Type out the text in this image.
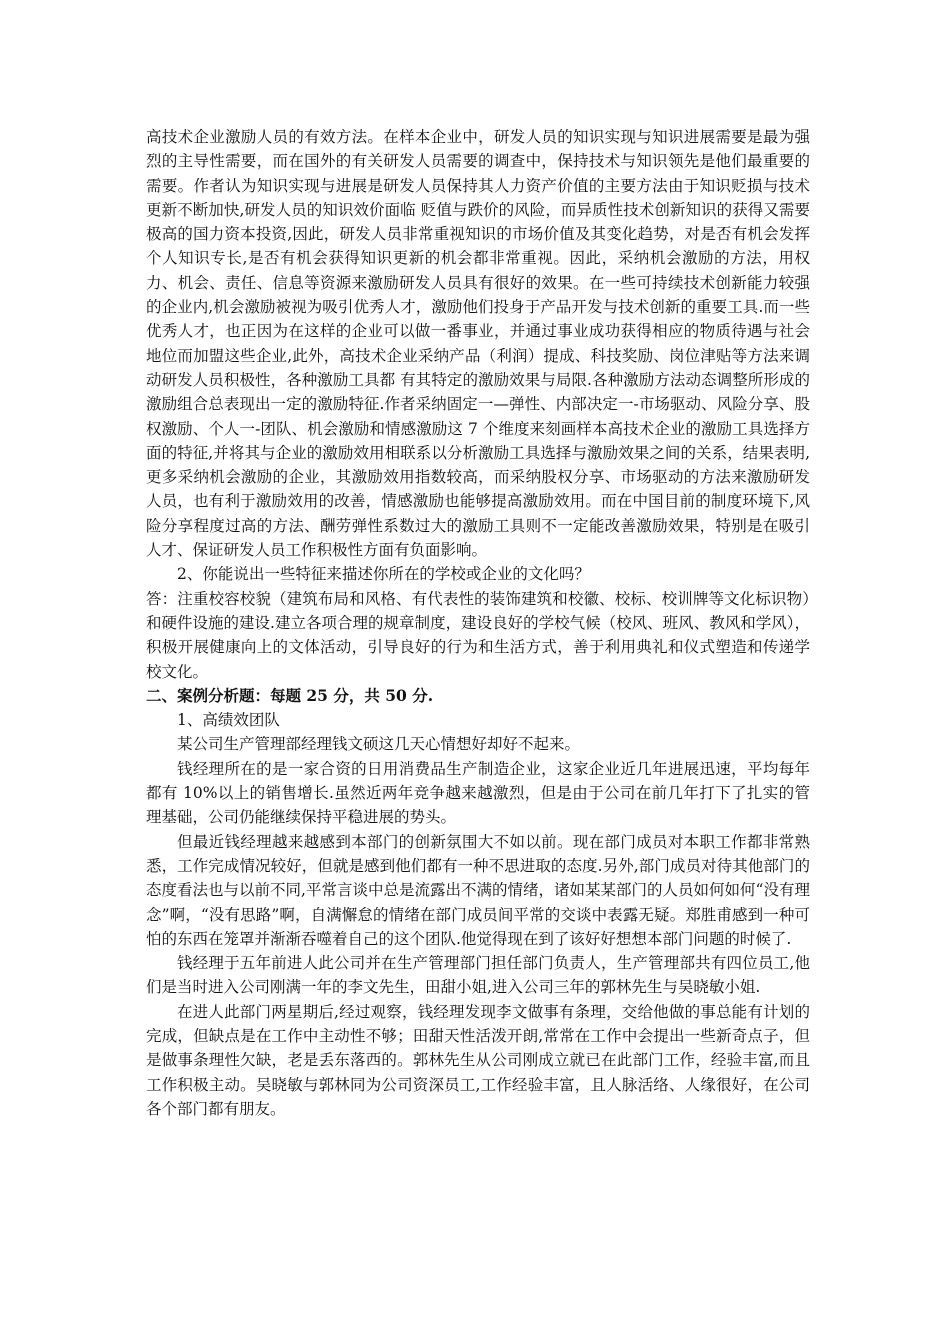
高技术企业激励人员的有效方法。在样本企业中，研发人员的知识实现与知识进展需要是最为强烈的主导性需要，而在国外的有关研发人员需要的调查中，保持技术与知识领先是他们最重要的需要。作者认为知识实现与进展是研发人员保持其人力资产价值的主要方法由于知识贬损与技术更新不断加快,研发人员的知识效价面临 贬值与跌价的风险，而异质性技术创新知识的获得又需要极高的国力资本投资,因此，研发人员非常重视知识的市场价值及其变化趋势，对是否有机会发挥个人知识专长,是否有机会获得知识更新的机会都非常重视。因此，采纳机会激励的方法，用权力、机会、责任、信息等资源来激励研发人员具有很好的效果。在一些可持续技术创新能力较强的企业内,机会激励被视为吸引优秀人才，激励他们投身于产品开发与技术创新的重要工具.而一些优秀人才，也正因为在这样的企业可以做一番事业，并通过事业成功获得相应的物质待遇与社会地位而加盟这些企业,此外，高技术企业采纳产品（利润）提成、科技奖励、岗位津贴等方法来调动研发人员积极性，各种激励工具都 有其特定的激励效果与局限.各种激励方法动态调整所形成的激励组合总表现出一定的激励特征.作者采纳固定一—弹性、内部决定一-市场驱动、风险分享、股权激励、个人一-团队、机会激励和情感激励这 7 个维度来刻画样本高技术企业的激励工具选择方面的特征,并将其与企业的激励效用相联系以分析激励工具选择与激励效果之间的关系，结果表明,更多采纳机会激励的企业，其激励效用指数较高，而采纳股权分享、市场驱动的方法来激励研发人员，也有利于激励效用的改善，情感激励也能够提高激励效用。而在中国目前的制度环境下,风险分享程度过高的方法、酬劳弹性系数过大的激励工具则不一定能改善激励效果，特别是在吸引人才、保证研发人员工作积极性方面有负面影响。

2、你能说出一些特征来描述你所在的学校或企业的文化吗？

答：注重校容校貌（建筑布局和风格、有代表性的装饰建筑和校徽、校标、校训牌等文化标识物）和硬件设施的建设.建立各项合理的规章制度，建设良好的学校气候（校风、班风、教风和学风），积极开展健康向上的文体活动，引导良好的行为和生活方式，善于利用典礼和仪式塑造和传递学校文化。

二、案例分析题：每题 25 分，共 50 分.

1、高绩效团队

某公司生产管理部经理钱文硕这几天心情想好却好不起来。

钱经理所在的是一家合资的日用消费品生产制造企业，这家企业近几年进展迅速，平均每年都有 10%以上的销售增长.虽然近两年竞争越来越激烈，但是由于公司在前几年打下了扎实的管理基础，公司仍能继续保持平稳进展的势头。

但最近钱经理越来越感到本部门的创新氛围大不如以前。现在部门成员对本职工作都非常熟悉，工作完成情况较好，但就是感到他们都有一种不思进取的态度.另外,部门成员对待其他部门的态度看法也与以前不同,平常言谈中总是流露出不满的情绪，诸如某某部门的人员如何如何“没有理念”啊，“没有思路”啊，自满懈怠的情绪在部门成员间平常的交谈中表露无疑。郑胜甫感到一种可怕的东西在笼罩并渐渐吞噬着自己的这个团队.他觉得现在到了该好好想想本部门问题的时候了.

钱经理于五年前进人此公司并在生产管理部门担任部门负责人，生产管理部共有四位员工,他们是当时进入公司刚满一年的李文先生，田甜小姐,进入公司三年的郭林先生与吴晓敏小姐.

在进人此部门两星期后,经过观察，钱经理发现李文做事有条理，交给他做的事总能有计划的完成，但缺点是在工作中主动性不够；田甜天性活泼开朗,常常在工作中会提出一些新奇点子，但是做事条理性欠缺，老是丢东落西的。郭林先生从公司刚成立就已在此部门工作，经验丰富,而且工作积极主动。吴晓敏与郭林同为公司资深员工,工作经验丰富，且人脉活络、人缘很好，在公司各个部门都有朋友。
